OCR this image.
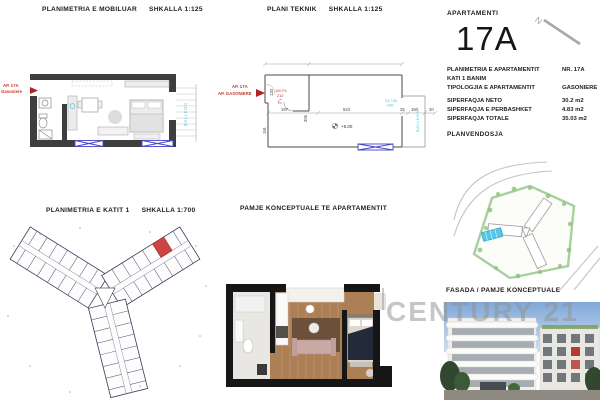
PLANIMETRIA E MOBILUAR SHKALLA 1:125	PLANI TEKNIK SHKALLA 1:125
PLANIMETRIA E KATIT 1 SHKALLA 1:700	PAMJE KONCEPTUALE TE APARTAMENTIT
FASADA / PAMJE KONCEPTUALE
APARTAMENTI
17A N
PLANIMETRIA E APARTAMENTIT	NR. 17A
KATI 1 BANIM
TIPOLOGJIA E APARTAMENTIT	GASONIERE
SIPERFAQJA NETO	30.2 m2
SIPERFAQJA E PERBASHKET	4.83 m2
SIPERFAQJA TOTALE	35.03 m2
PLANVENDOSJA
AP. 17A
Gasoniere
BALLKON	197	523	25 150	20
120
191
306
+5.00
100 P1
210
D1 130
240
AP. 17A
AP. GASONIERE
BALLKON
CENTURY 21
